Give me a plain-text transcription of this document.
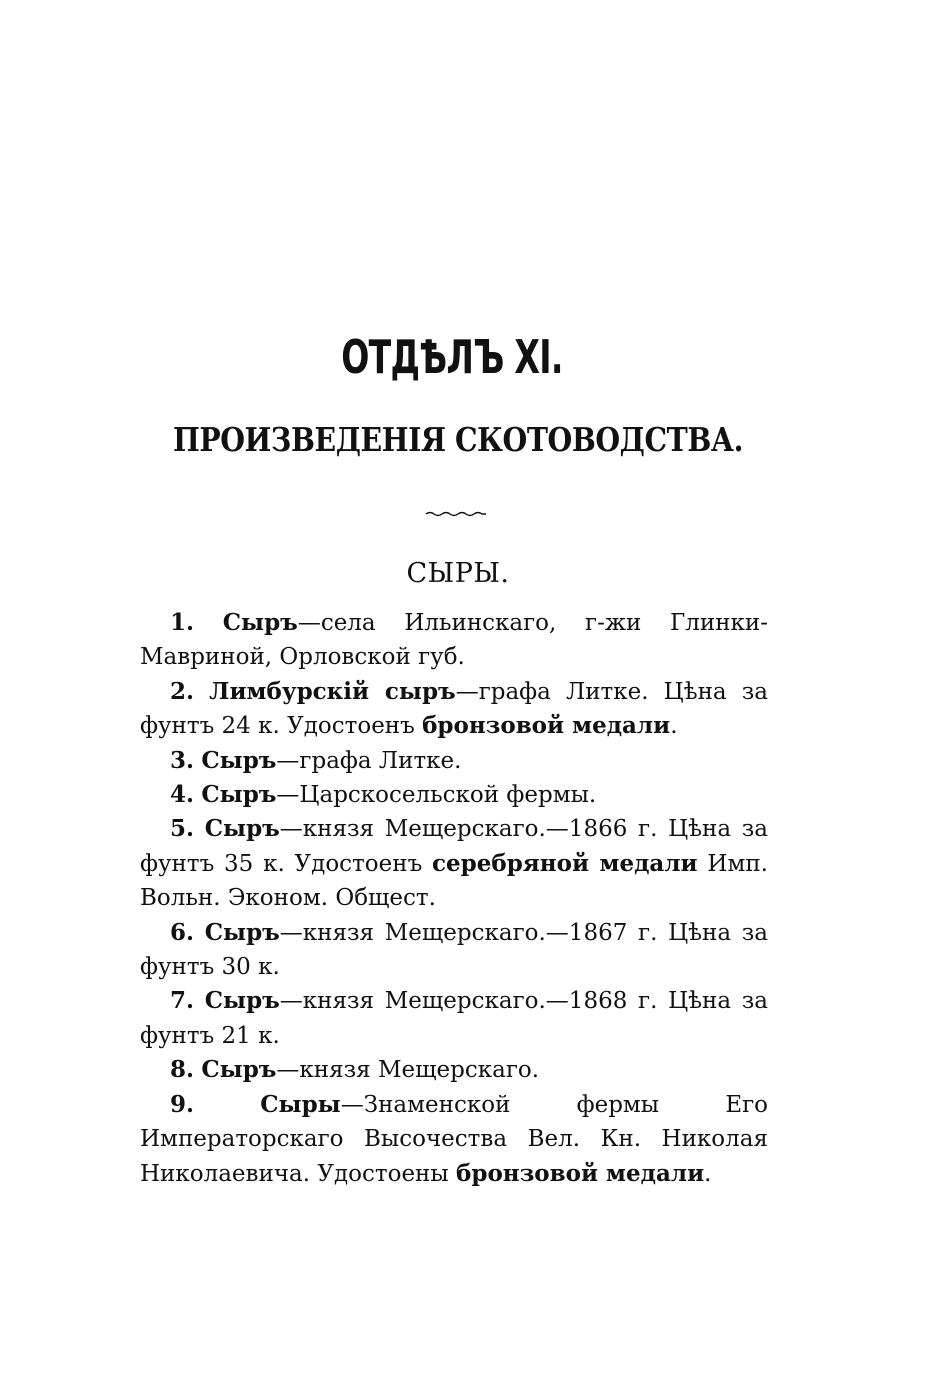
ОТДѢЛЪ XI.
ПРОИЗВЕДЕНІЯ СКОТОВОДСТВА.
СЫРЫ.

1. Сыръ—села Ильинскаго, г-жи Глинки-Мавриной, Орловской губ.

2. Лимбурскій сыръ—графа Литке. Цѣна за фунтъ 24 к. Удостоенъ бронзовой медали.

3. Сыръ—графа Литке.

4. Сыръ—Царскосельской фермы.

5. Сыръ—князя Мещерскаго.—1866 г. Цѣна за фунтъ 35 к. Удостоенъ серебряной медали Имп. Вольн. Эконом. Общест.

6. Сыръ—князя Мещерскаго.—1867 г. Цѣна за фунтъ 30 к.

7. Сыръ—князя Мещерскаго.—1868 г. Цѣна за фунтъ 21 к.

8. Сыръ—князя Мещерскаго.

9.	Сыры—Знаменской фермы Его Императорскаго Высочества Вел. Кн. Николая Николаевича. Удостоены бронзовой медали.
